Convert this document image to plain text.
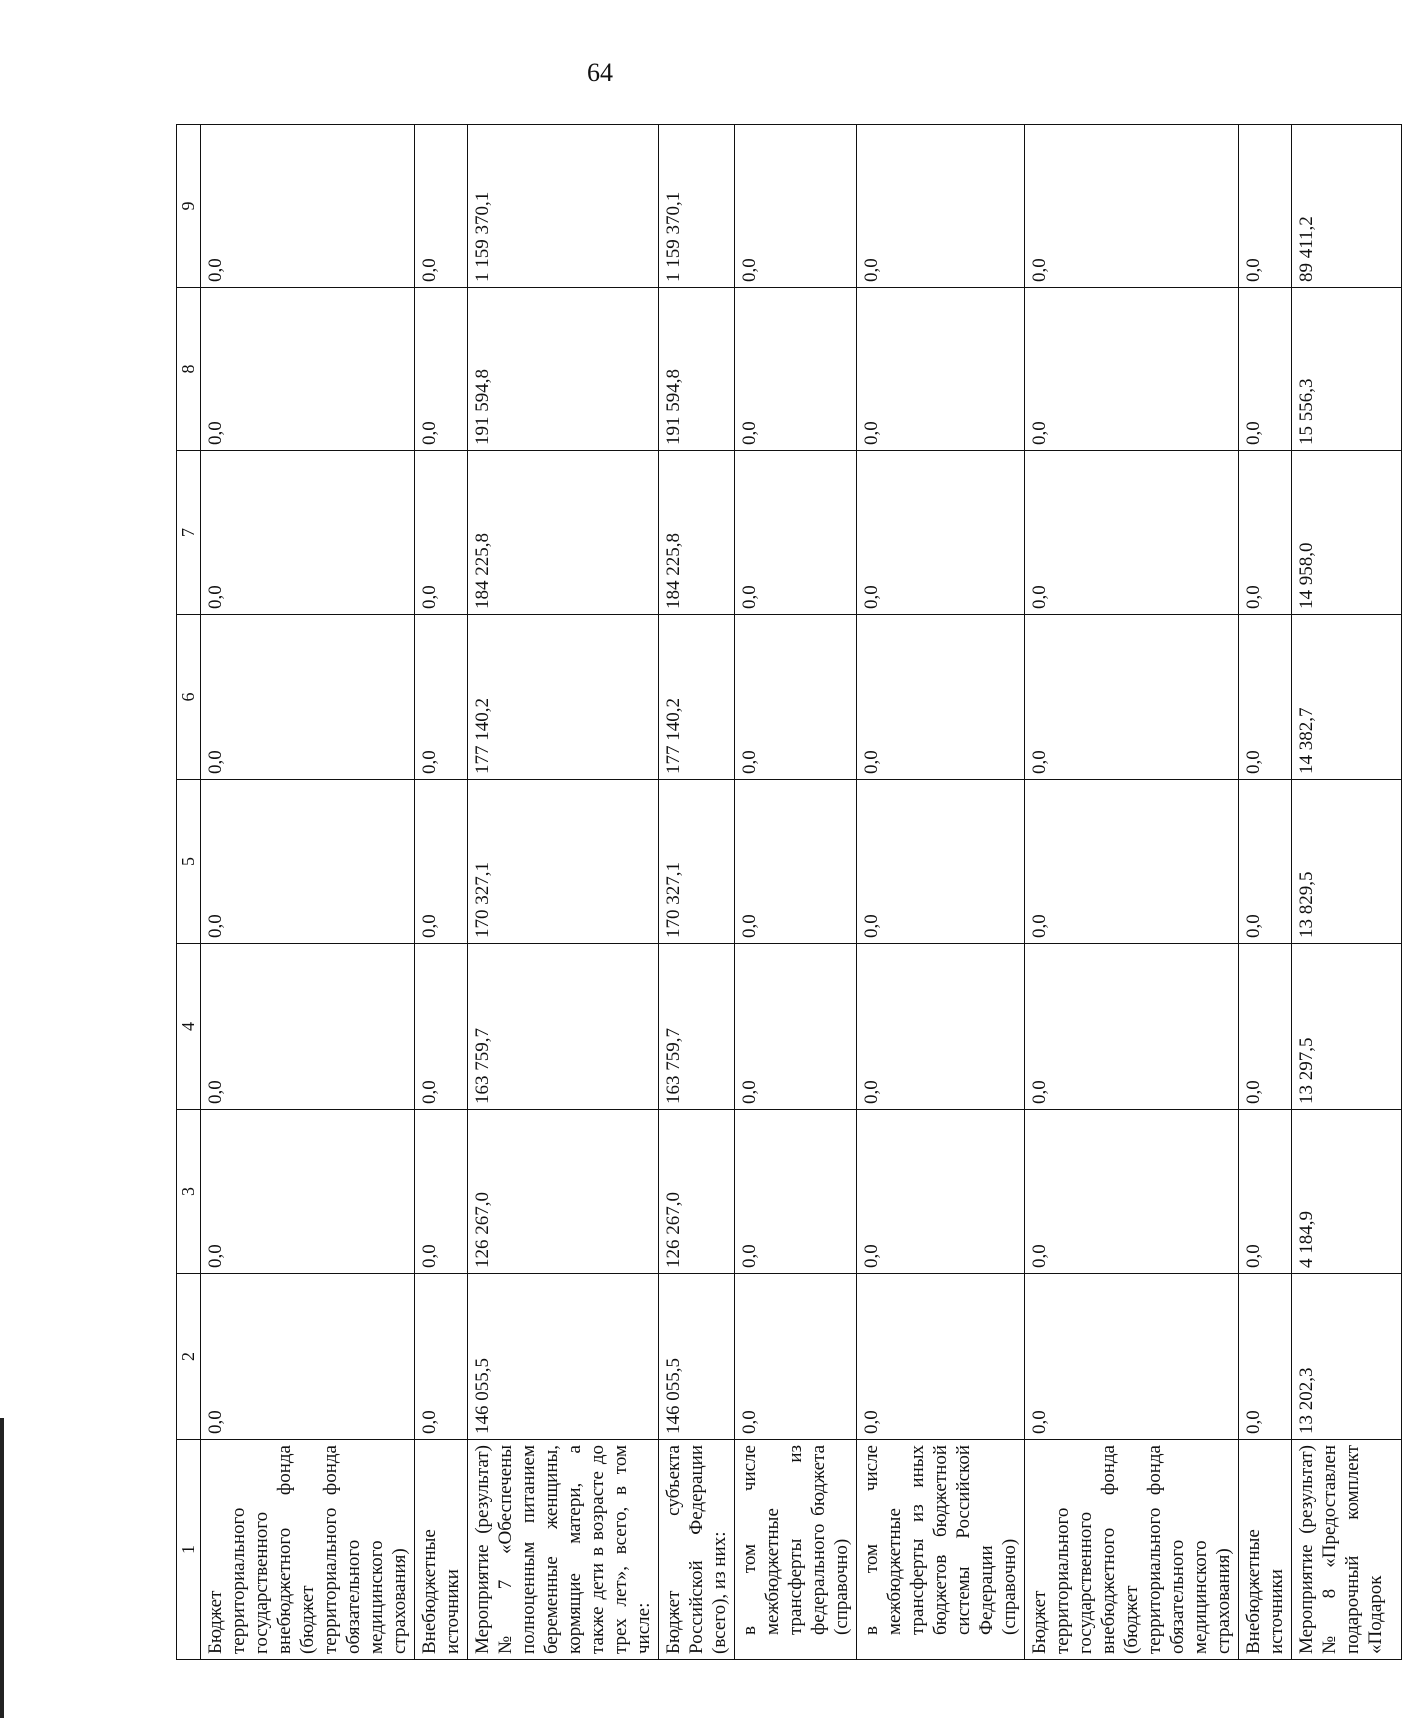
64
1	2	3	4	5	6	7	8	9
Бюджет территориального государственного внебюджетного фонда (бюджет территориального фонда обязательного медицинского страхования)	0,0	0,0	0,0	0,0	0,0	0,0	0,0	0,0
Внебюджетные источники	0,0	0,0	0,0	0,0	0,0	0,0	0,0	0,0
Мероприятие (результат) № 7 «Обеспечены полноценным питанием беременные женщины, кормящие матери, а также дети в возрасте до трех лет», всего, в том числе:	146 055,5	126 267,0	163 759,7	170 327,1	177 140,2	184 225,8	191 594,8	1 159 370,1
Бюджет субъекта Российской Федерации (всего), из них:	146 055,5	126 267,0	163 759,7	170 327,1	177 140,2	184 225,8	191 594,8	1 159 370,1
в том числе межбюджетные трансферты из федерального бюджета (справочно)	0,0	0,0	0,0	0,0	0,0	0,0	0,0	0,0
в том числе межбюджетные трансферты из иных бюджетов бюджетной системы Российской Федерации (справочно)	0,0	0,0	0,0	0,0	0,0	0,0	0,0	0,0
Бюджет территориального государственного внебюджетного фонда (бюджет территориального фонда обязательного медицинского страхования)	0,0	0,0	0,0	0,0	0,0	0,0	0,0	0,0
Внебюджетные источники	0,0	0,0	0,0	0,0	0,0	0,0	0,0	0,0
Мероприятие (результат) № 8 «Предоставлен подарочный комплект «Подарок	13 202,3	4 184,9	13 297,5	13 829,5	14 382,7	14 958,0	15 556,3	89 411,2
